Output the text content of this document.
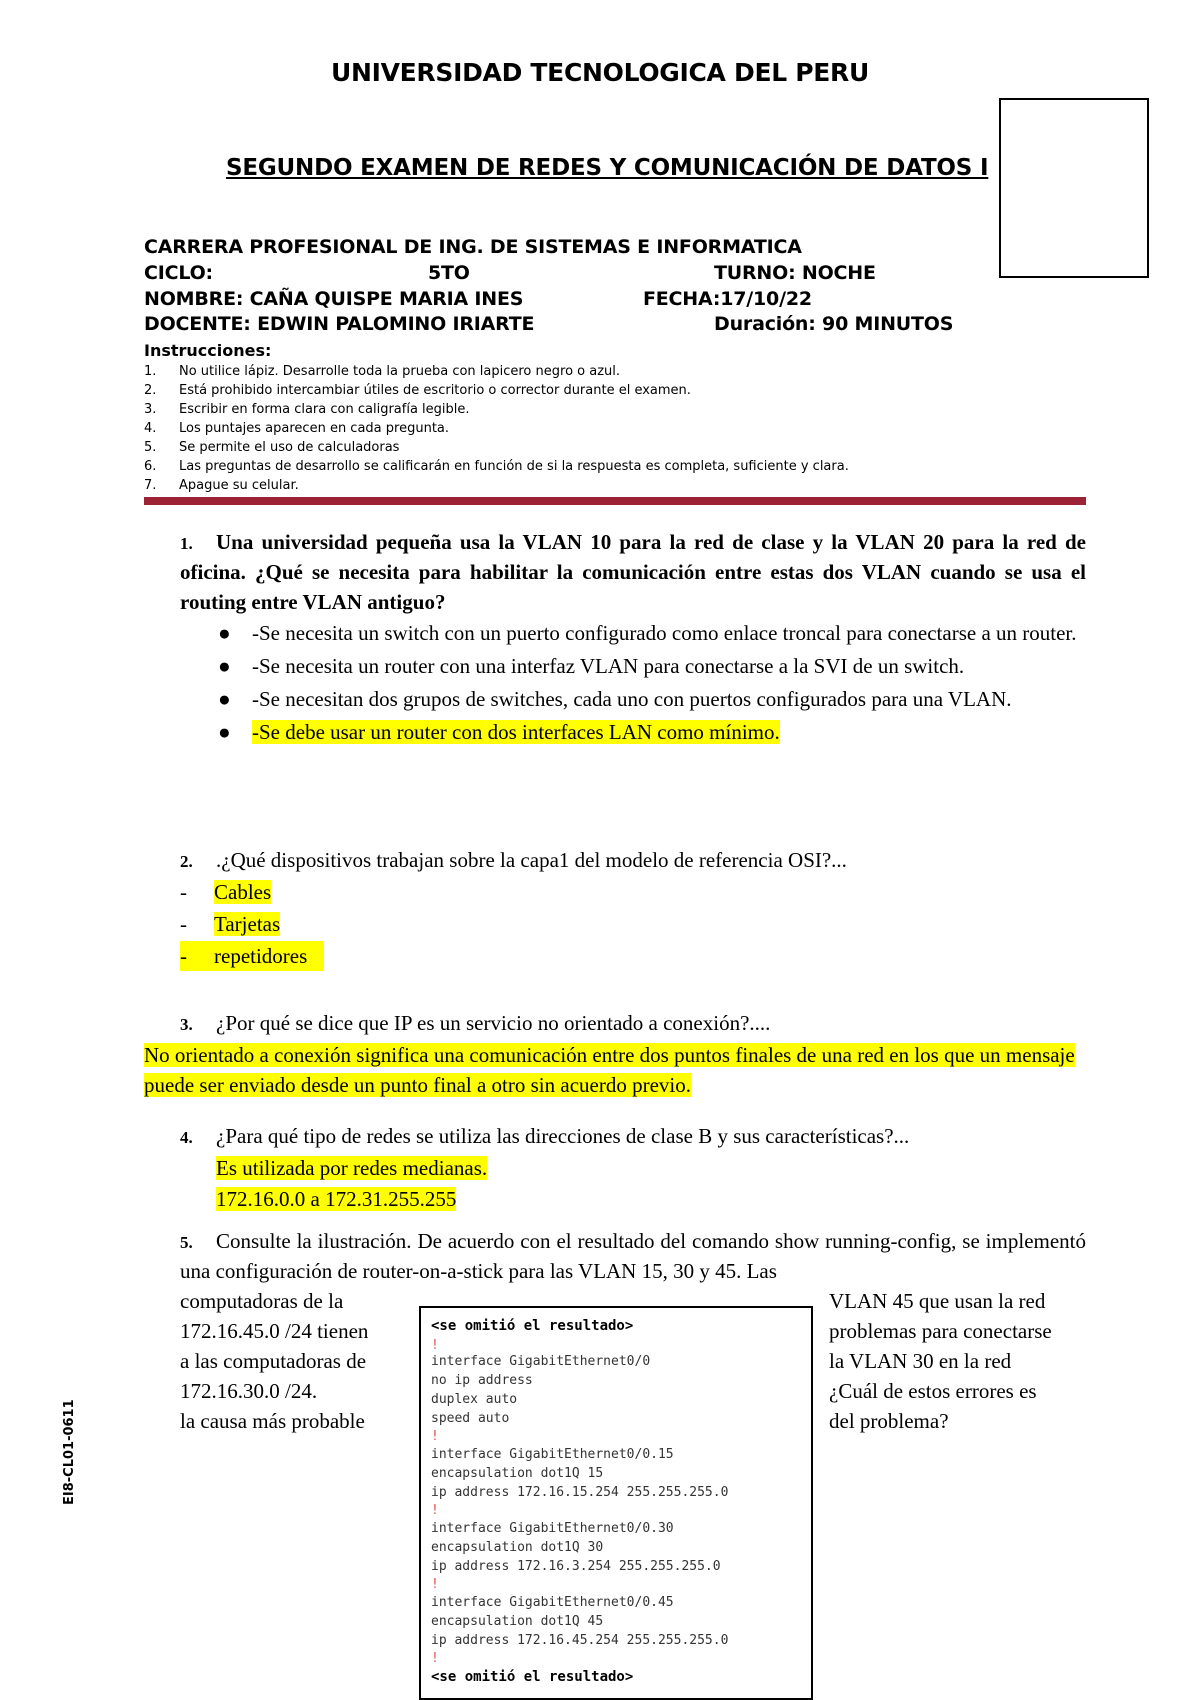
UNIVERSIDAD TECNOLOGICA DEL PERU
SEGUNDO EXAMEN DE REDES Y COMUNICACIÓN DE DATOS I
CARRERA PROFESIONAL DE ING. DE SISTEMAS E INFORMATICA
CICLO:	5TO	TURNO: NOCHE
NOMBRE: CAÑA QUISPE MARIA INES	FECHA:17/10/22
DOCENTE: EDWIN PALOMINO IRIARTE	Duración: 90 MINUTOS
Instrucciones:
1. No utilice lápiz. Desarrolle toda la prueba con lapicero negro o azul.
2. Está prohibido intercambiar útiles de escritorio o corrector durante el examen.
3. Escribir en forma clara con caligrafía legible.
4. Los puntajes aparecen en cada pregunta.
5. Se permite el uso de calculadoras
6. Las preguntas de desarrollo se calificarán en función de si la respuesta es completa, suficiente y clara.
7. Apague su celular.
1.	Una universidad pequeña usa la VLAN 10 para la red de clase y la VLAN 20 para la red de oficina. ¿Qué se necesita para habilitar la comunicación entre estas dos VLAN cuando se usa el routing entre VLAN antiguo?
● -Se necesita un switch con un puerto configurado como enlace troncal para conectarse a un router.
● -Se necesita un router con una interfaz VLAN para conectarse a la SVI de un switch.
● -Se necesitan dos grupos de switches, cada uno con puertos configurados para una VLAN.
● -Se debe usar un router con dos interfaces LAN como mínimo.
2. .¿Qué dispositivos trabajan sobre la capa1 del modelo de referencia OSI?...
- Cables
- Tarjetas
- repetidores
3. ¿Por qué se dice que IP es un servicio no orientado a conexión?....
No orientado a conexión significa una comunicación entre dos puntos finales de una red en los que un mensaje puede ser enviado desde un punto final a otro sin acuerdo previo.
4. ¿Para qué tipo de redes se utiliza las direcciones de clase B y sus características?...
Es utilizada por redes medianas.
172.16.0.0 a 172.31.255.255
5.	Consulte la ilustración. De acuerdo con el resultado del comando show running-config, se implementó una configuración de router-on-a-stick para las VLAN 15, 30 y 45. Las
computadoras de la
172.16.45.0 /24 tienen
a las computadoras de
172.16.30.0 /24.
la causa más probable
VLAN 45 que usan la red
problemas para conectarse
la VLAN 30 en la red
¿Cuál de estos errores es
del problema?
<se omitió el resultado>
!
interface GigabitEthernet0/0
no ip address
duplex auto
speed auto
!
interface GigabitEthernet0/0.15
encapsulation dot1Q 15
ip address 172.16.15.254 255.255.255.0
!
interface GigabitEthernet0/0.30
encapsulation dot1Q 30
ip address 172.16.3.254 255.255.255.0
!
interface GigabitEthernet0/0.45
encapsulation dot1Q 45
ip address 172.16.45.254 255.255.255.0
!
<se omitió el resultado>
EI8-CL01-0611
